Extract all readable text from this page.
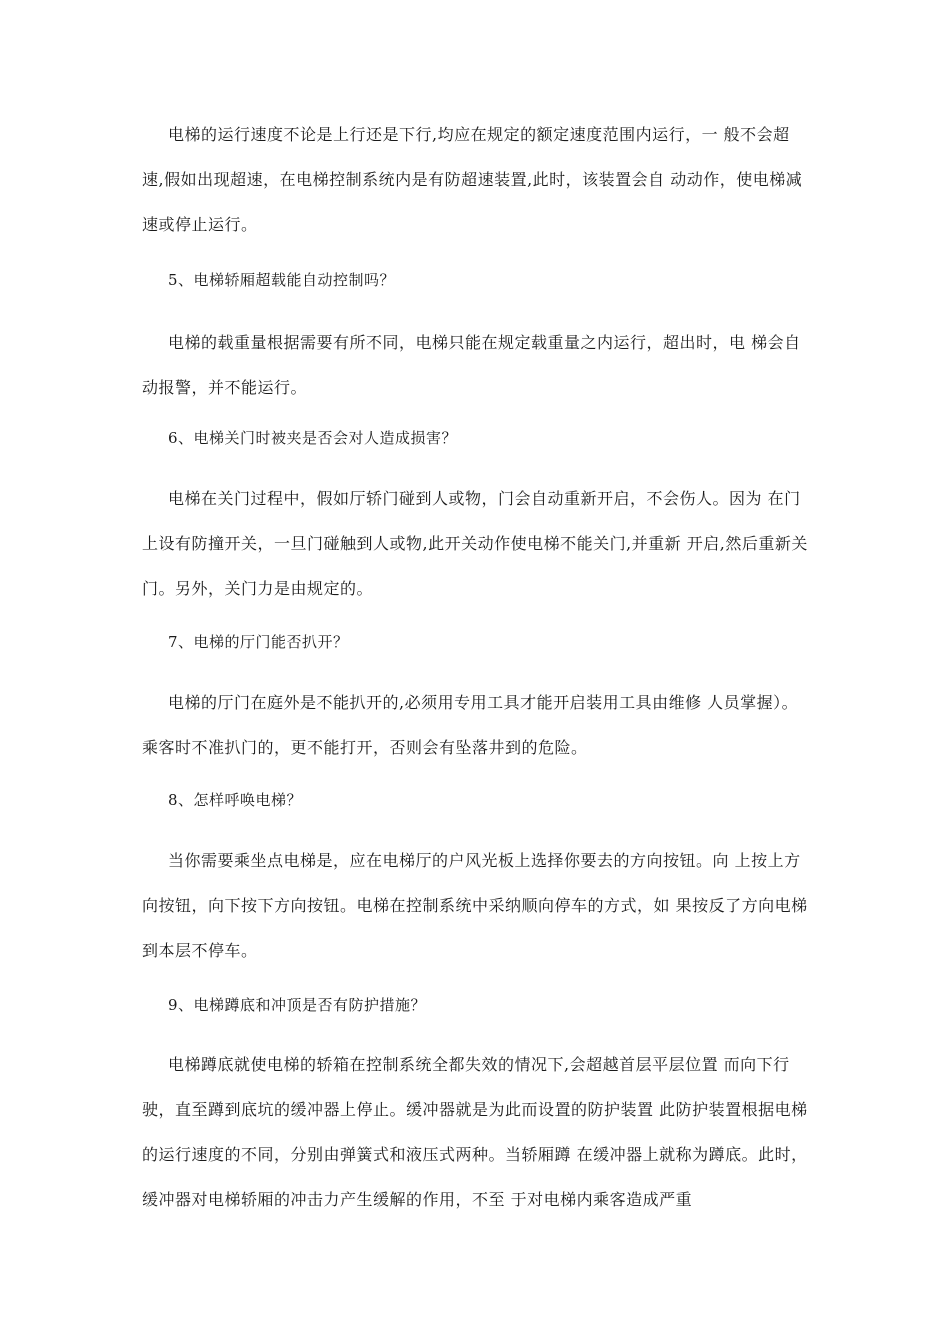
电梯的运行速度不论是上行还是下行,均应在规定的额定速度范围内运行，一 般不会超速,假如出现超速，在电梯控制系统内是有防超速装置,此时，该装置会自 动动作，使电梯减速或停止运行。

5、电梯轿厢超载能自动控制吗？

电梯的载重量根据需要有所不同，电梯只能在规定载重量之内运行，超出时，电 梯会自动报警，并不能运行。

6、电梯关门时被夹是否会对人造成损害？

电梯在关门过程中，假如厅轿门碰到人或物，门会自动重新开启，不会伤人。因为 在门上设有防撞开关，一旦门碰触到人或物,此开关动作使电梯不能关门,并重新 开启,然后重新关门。另外，关门力是由规定的。

7、电梯的厅门能否扒开？

电梯的厅门在庭外是不能扒开的,必须用专用工具才能开启装用工具由维修 人员掌握）。乘客时不准扒门的，更不能打开，否则会有坠落井到的危险。

8、怎样呼唤电梯？

当你需要乘坐点电梯是，应在电梯厅的户风光板上选择你要去的方向按钮。向 上按上方向按钮，向下按下方向按钮。电梯在控制系统中采纳顺向停车的方式，如 果按反了方向电梯到本层不停车。

9、电梯蹲底和冲顶是否有防护措施？

电梯蹲底就使电梯的轿箱在控制系统全都失效的情况下,会超越首层平层位置 而向下行驶，直至蹲到底坑的缓冲器上停止。缓冲器就是为此而设置的防护装置 此防护装置根据电梯的运行速度的不同，分别由弹簧式和液压式两种。当轿厢蹲 在缓冲器上就称为蹲底。此时，缓冲器对电梯轿厢的冲击力产生缓解的作用，不至 于对电梯内乘客造成严重
